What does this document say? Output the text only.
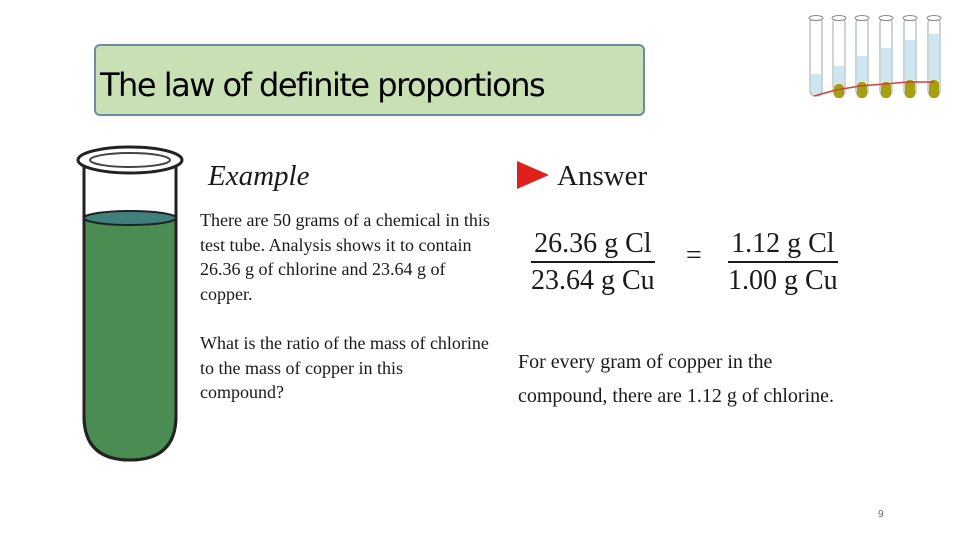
The law of definite proportions
Example
There are 50 grams of a chemical in this test tube. Analysis shows it to contain 26.36 g of chlorine and 23.64 g of copper.
What is the ratio of the mass of chlorine to the mass of copper in this compound?
Answer
$\frac{\text{26.36 g Cl}}{\text{23.64 g Cu}} = \frac{\text{1.12 g Cl}}{\text{1.00 g Cu}}$
For every gram of copper in the
compound, there are 1.12 g of chlorine.
9
